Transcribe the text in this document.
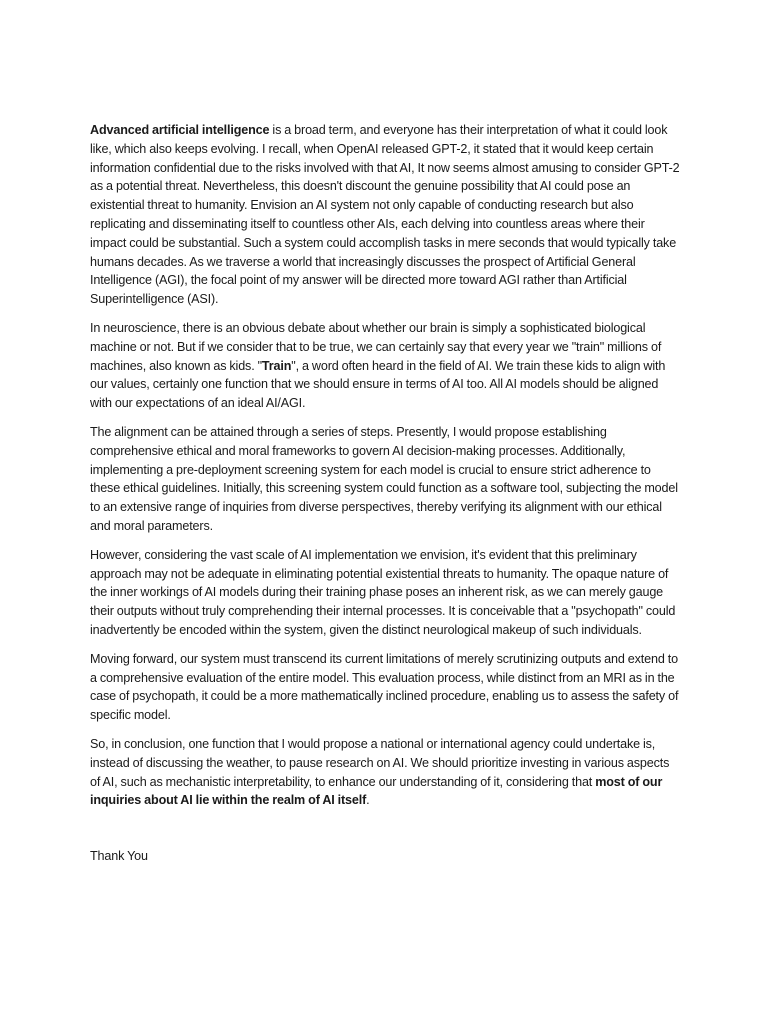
Advanced artificial intelligence is a broad term, and everyone has their interpretation of what it could look like, which also keeps evolving. I recall, when OpenAI released GPT-2, it stated that it would keep certain information confidential due to the risks involved with that AI, It now seems almost amusing to consider GPT-2 as a potential threat. Nevertheless, this doesn't discount the genuine possibility that AI could pose an existential threat to humanity. Envision an AI system not only capable of conducting research but also replicating and disseminating itself to countless other AIs, each delving into countless areas where their impact could be substantial. Such a system could accomplish tasks in mere seconds that would typically take humans decades. As we traverse a world that increasingly discusses the prospect of Artificial General Intelligence (AGI), the focal point of my answer will be directed more toward AGI rather than Artificial Superintelligence (ASI).

In neuroscience, there is an obvious debate about whether our brain is simply a sophisticated biological machine or not. But if we consider that to be true, we can certainly say that every year we "train" millions of machines, also known as kids. "Train", a word often heard in the field of AI. We train these kids to align with our values, certainly one function that we should ensure in terms of AI too. All AI models should be aligned with our expectations of an ideal AI/AGI.

The alignment can be attained through a series of steps. Presently, I would propose establishing comprehensive ethical and moral frameworks to govern AI decision-making processes. Additionally, implementing a pre-deployment screening system for each model is crucial to ensure strict adherence to these ethical guidelines. Initially, this screening system could function as a software tool, subjecting the model to an extensive range of inquiries from diverse perspectives, thereby verifying its alignment with our ethical and moral parameters.

However, considering the vast scale of AI implementation we envision, it's evident that this preliminary approach may not be adequate in eliminating potential existential threats to humanity. The opaque nature of the inner workings of AI models during their training phase poses an inherent risk, as we can merely gauge their outputs without truly comprehending their internal processes. It is conceivable that a "psychopath" could inadvertently be encoded within the system, given the distinct neurological makeup of such individuals.

Moving forward, our system must transcend its current limitations of merely scrutinizing outputs and extend to a comprehensive evaluation of the entire model. This evaluation process, while distinct from an MRI as in the case of psychopath, it could be a more mathematically inclined procedure, enabling us to assess the safety of specific model.

So, in conclusion, one function that I would propose a national or international agency could undertake is, instead of discussing the weather, to pause research on AI. We should prioritize investing in various aspects of AI, such as mechanistic interpretability, to enhance our understanding of it, considering that most of our inquiries about AI lie within the realm of AI itself.

Thank You
